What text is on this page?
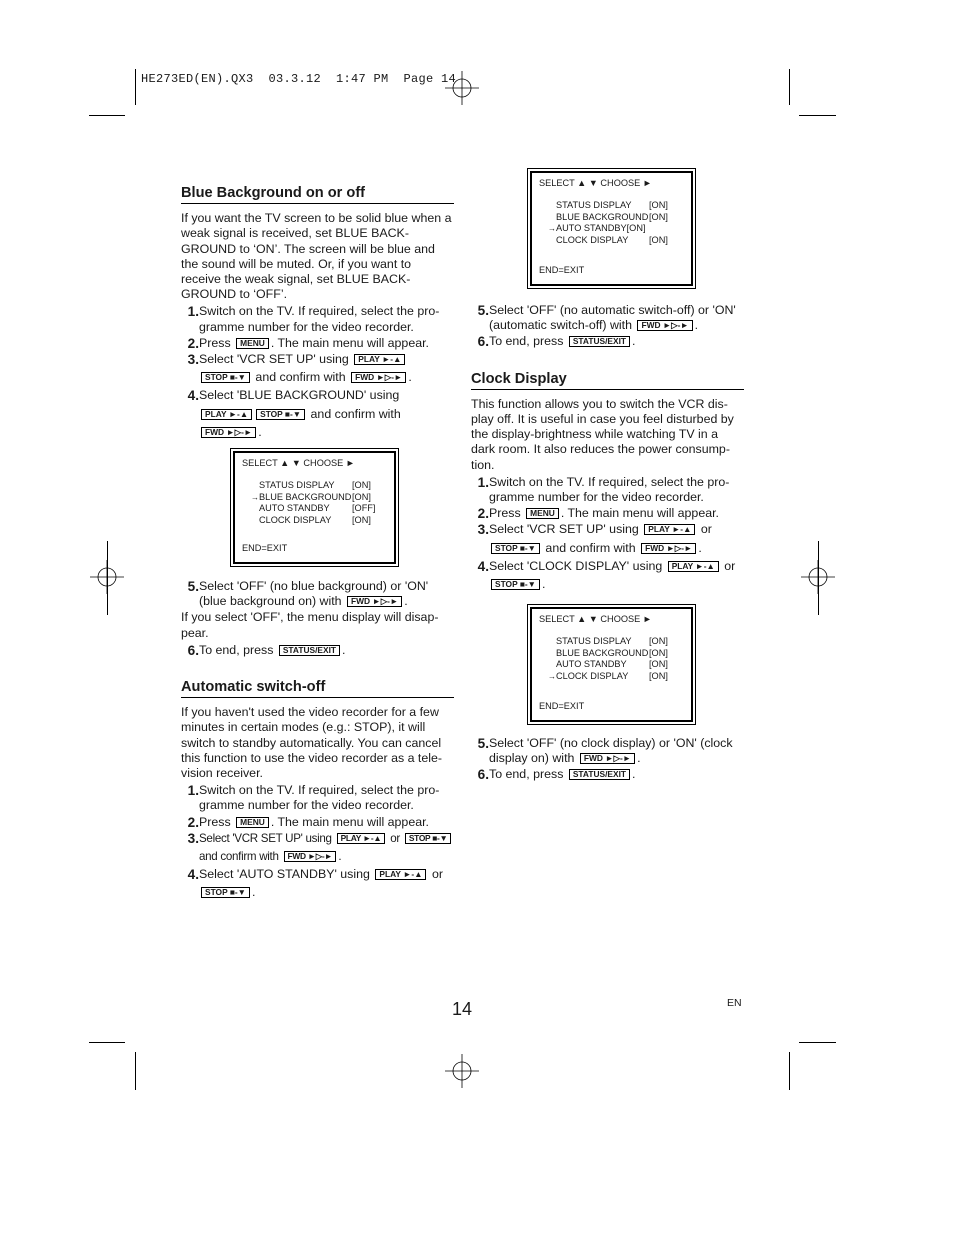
HE273ED(EN).QX3  03.3.12  1:47 PM  Page 14
Blue Background on or off

If you want the TV screen to be solid blue when a weak signal is received, set BLUE BACK-GROUND to ‘ON’. The screen will be blue and the sound will be muted. Or, if you want to receive the weak signal, set BLUE BACK-GROUND to ‘OFF’.

1. Switch on the TV. If required, select the pro-gramme number for the video recorder.
2. Press MENU . The main menu will appear.
3. Select 'VCR SET UP' using PLAY ►-▲
STOP ■-▼ and confirm with FWD ►▷-► .
4. Select 'BLUE BACKGROUND' using
PLAY ►-▲ STOP ■-▼ and confirm with
FWD ►▷-► .
SELECT ▲ ▼ CHOOSE ►
STATUS DISPLAY	[ON]
→ BLUE BACKGROUND [ON]
AUTO STANDBY	[OFF]
CLOCK DISPLAY	[ON]
END=EXIT
5. Select 'OFF' (no blue background) or 'ON' (blue background on) with FWD ►▷-► .

If you select 'OFF', the menu display will disap-pear.

6. To end, press STATUS/EXIT .
Automatic switch-off

If you haven't used the video recorder for a few minutes in certain modes (e.g.: STOP), it will switch to standby automatically. You can cancel this function to use the video recorder as a tele-vision receiver.

1. Switch on the TV. If required, select the pro-gramme number for the video recorder.
2. Press MENU . The main menu will appear.
3. Select 'VCR SET UP' using PLAY ►-▲ or STOP ■-▼
and confirm with FWD ►▷-► .
4. Select 'AUTO STANDBY' using PLAY ►-▲ or
STOP ■-▼ .
SELECT ▲ ▼ CHOOSE ►
STATUS DISPLAY	[ON]
BLUE BACKGROUND [ON]
→ AUTO STANDBY [ON]
CLOCK DISPLAY	[ON]
END=EXIT
5. Select 'OFF' (no automatic switch-off) or 'ON' (automatic switch-off) with FWD ►▷-► .
6. To end, press STATUS/EXIT .
Clock Display

This function allows you to switch the VCR dis-play off. It is useful in case you feel disturbed by the display-brightness while watching TV in a dark room. It also reduces the power consump-tion.

1. Switch on the TV. If required, select the pro-gramme number for the video recorder.
2. Press MENU . The main menu will appear.
3. Select 'VCR SET UP' using PLAY ►-▲ or
STOP ■-▼ and confirm with FWD ►▷-► .
4. Select 'CLOCK DISPLAY' using PLAY ►-▲ or
STOP ■-▼ .
SELECT ▲ ▼ CHOOSE ►
STATUS DISPLAY	[ON]
BLUE BACKGROUND [ON]
AUTO STANDBY	[ON]
→ CLOCK DISPLAY	[ON]
END=EXIT
5. Select 'OFF' (no clock display) or 'ON' (clock display on) with FWD ►▷-► .
6. To end, press STATUS/EXIT .
14	EN
